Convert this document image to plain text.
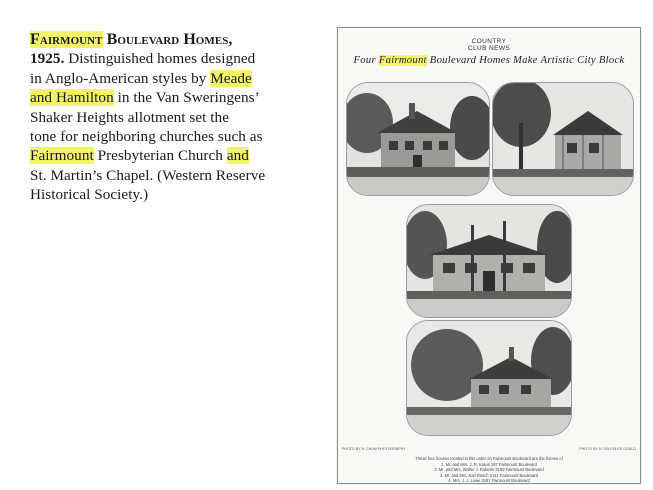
Fairmount Boulevard Homes,
1925. Distinguished homes designed
in Anglo-American styles by Meade
and Hamilton in the Van Sweringens’
Shaker Heights allotment set the
tone for neighboring churches such as
Fairmount Presbyterian Church and
St. Martin’s Chapel. (Western Reserve
Historical Society.)
COUNTRY
CLUB NEWS
Four Fairmount Boulevard Homes Make Artistic City Block
PHOTO BY H. CHUM PHOTOGRAPHY	PHOTO BY H. DIX FOLKS GOULD
These four houses located in this order on Fairmount Boulevard are the homes of
1. Mr. and Mrs. J. R. Kraus 197 Fairmount Boulevard
2. Mr. and Mrs. Walter J. Roberts 3189 Fairmount Boulevard
3. Mr. and Mrs. Karl Rusch 3141 Fairmount Boulevard
4. Mrs. J. J. Lowe 3181 Fairmount Boulevard
